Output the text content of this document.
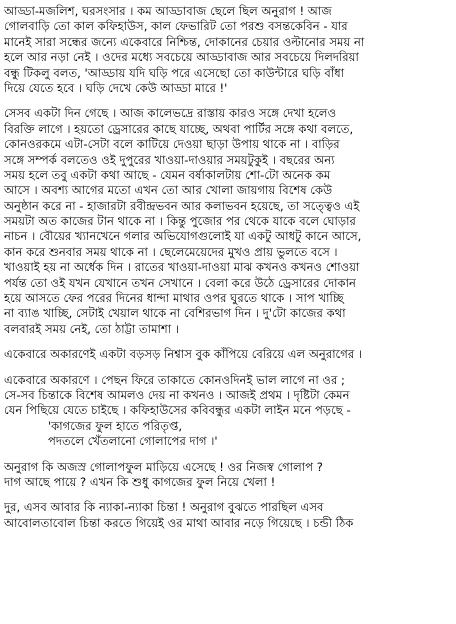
আড্ডা-মজলিশ, ঘরসংসার । কম আড্ডাবাজ ছেলে ছিল অনুরাগ ! আজ
গোলবাড়ি তো কাল কফিহাউস, কাল ফেভারিট তো পরশু বসন্তকেবিন - যার
মানেই সারা সন্ধের জন্যে একেবারে নিশ্চিন্ত, দোকানের চেয়ার ওল্টানোর সময় না
হলে আর নড়া নেই । ওদের মধ্যে সবচেয়ে আড্ডাবাজ আর সবচেয়ে দিলদরিয়া
বন্ধু টিকলু বলত, 'আড্ডায় যদি ঘড়ি পরে এসেছো তো কাউন্টারে ঘড়ি বাঁধা
দিয়ে যেতে হবে । ঘড়ি দেখে কেউ আড্ডা মারে !'
সেসব একটা দিন গেছে । আজ কালেভদ্রে রাস্তায় কারও সঙ্গে দেখা হলেও
বিরক্তি লাগে । হয়তো ড্রেসারের কাছে যাচ্ছে, অথবা পার্টির সঙ্গে কথা বলতে,
কোনওরকমে এটা-সেটা বলে কাটিয়ে দেওয়া ছাড়া উপায় থাকে না । বাড়ির
সঙ্গে সম্পর্ক বলতেও ওই দুপুরের খাওয়া-দাওয়ার সময়টুকুই । বছরের অন্য
সময় হলে তবু একটা কথা আছে - যেমন বর্ষাকালটায় শো-টো অনেক কম
আসে । অবশ্য আগের মতো এখন তো আর খোলা জায়গায় বিশেষ কেউ
অনুষ্ঠান করে না - হাজারটা রবীন্দ্রভবন আর কলাভবন হয়েছে, তা সত্ত্বেও এই
সময়টা অত কাজের টান থাকে না । কিন্তু পুজোর পর থেকে যাকে বলে ঘোড়ার
নাচন । বৌয়ের খ্যানখেনে গলার অভিযোগগুলোই যা একটু আধটু কানে আসে,
কান করে শুনবার সময় থাকে না । ছেলেমেয়েদের মুখও প্রায় ভুলতে বসে ।
খাওয়াই হয় না অর্ধেক দিন । রাতের খাওয়া-দাওয়া মাঝ কখনও কখনও শোওয়া
পর্যন্ত তো ওই যখন যেখানে তখন সেখানে । বেলা করে উঠে ড্রেসারের দোকান
হয়ে আসতে ফের পরের দিনের ধান্দা মাথার ওপর ঘুরতে থাকে । সাপ খাচ্ছি
না ব্যাঙ খাচ্ছি, সেটাই খেয়াল থাকে না বেশিরভাগ দিন । দু'টো কাজের কথা
বলবারই সময় নেই, তো ঠাট্টা তামাশা ।
একেবারে অকারণেই একটা বড়সড় নিশ্বাস বুক কাঁপিয়ে বেরিয়ে এল অনুরাগের ।
একেবারে অকারণে । পেছন ফিরে তাকাতে কোনওদিনই ভাল লাগে না ওর ;
সে-সব চিন্তাকে বিশেষ আমলও দেয় না কখনও । আজই প্রথম । দৃষ্টিটা কেমন
যেন পিছিয়ে যেতে চাইছে । কফিহাউসের কবিবন্ধুর একটা লাইন মনে পড়ছে -
'কাগজের ফুল হাতে পরিতৃপ্ত,
পদতলে খেঁতলানো গোলাপের দাগ ।'
অনুরাগ কি অজস্র গোলাপফুল মাড়িয়ে এসেছে ! ওর নিজস্ব গোলাপ ?
দাগ আছে পায়ে ? এখন কি শুধু কাগজের ফুল নিয়ে খেলা !
দুর, এসব আবার কি ন্যাকা-ন্যাকা চিন্তা ! অনুরাগ বুঝতে পারছিল এসব
আবোলতাবোল চিন্তা করতে গিয়েই ওর মাথা আবার নড়ে গিয়েছে । চন্ডী ঠিক
